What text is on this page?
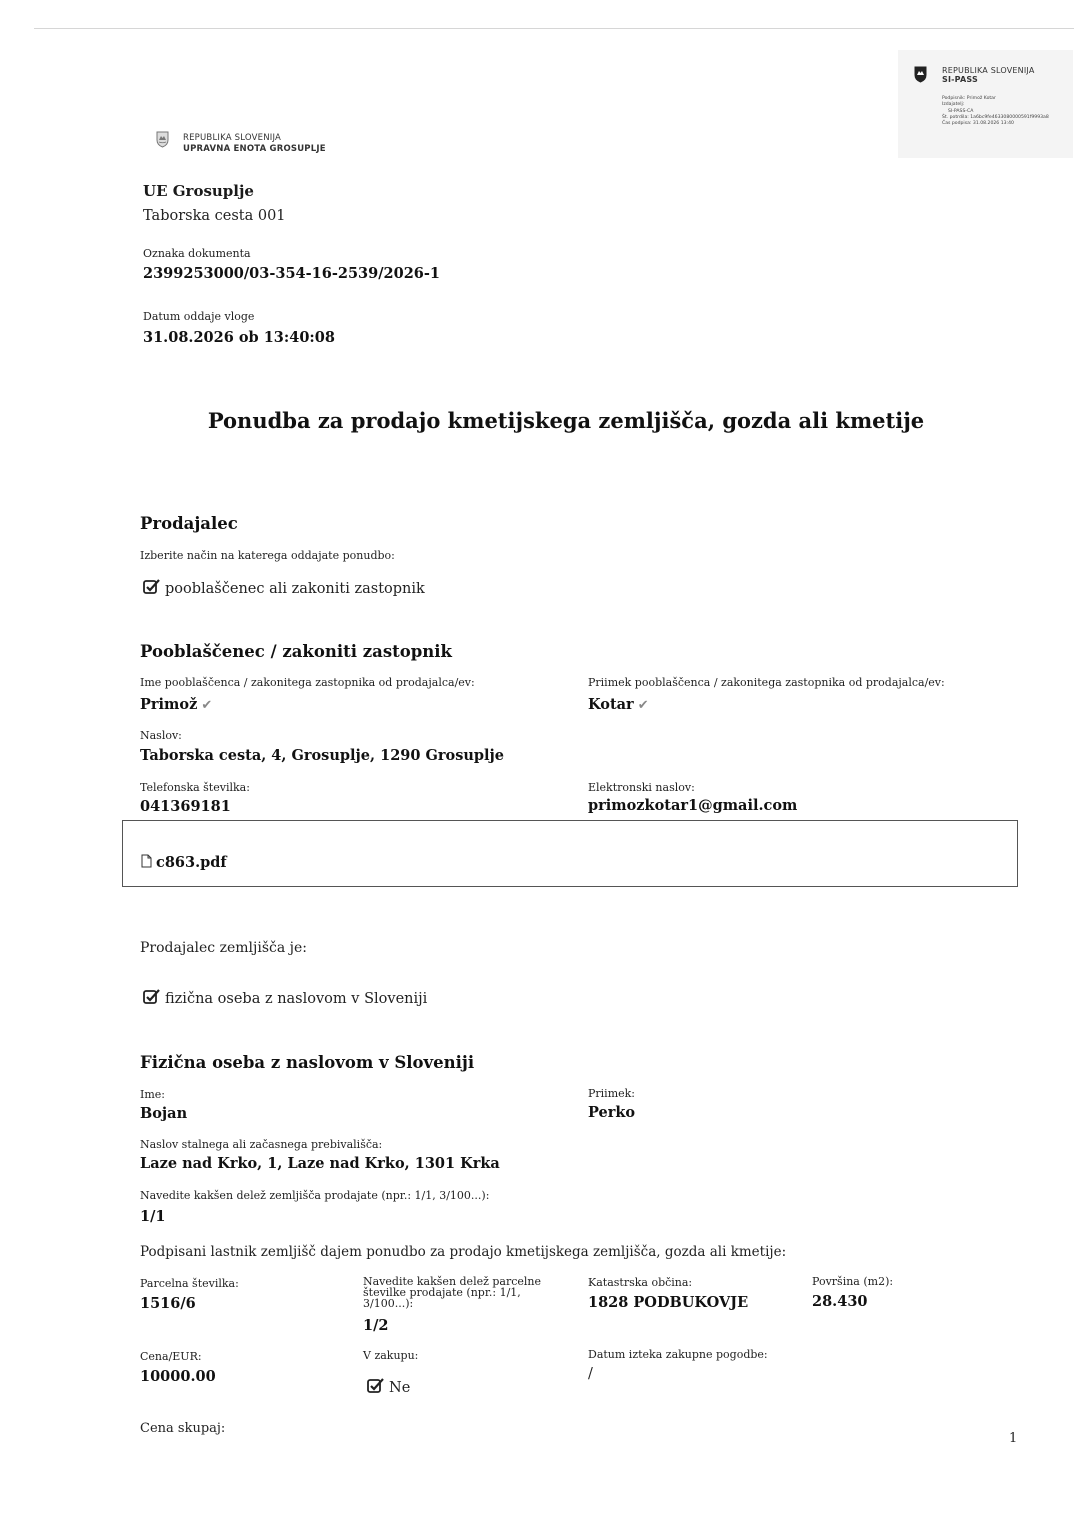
REPUBLIKA SLOVENIJA
UPRAVNA ENOTA GROSUPLJE
REPUBLIKA SLOVENIJA
SI-PASS
Podpisnik: Primož Kotar
Izdajatelj:
SI-PASS-CA
Št. potrdila: 1a6bc9fe4633080000591f9993a8
Čas podpisa: 31.08.2026 13:40
UE Grosuplje
Taborska cesta 001
Oznaka dokumenta
2399253000/03-354-16-2539/2026-1
Datum oddaje vloge
31.08.2026 ob 13:40:08
Ponudba za prodajo kmetijskega zemljišča, gozda ali kmetije
Prodajalec
Izberite način na katerega oddajate ponudbo:
pooblaščenec ali zakoniti zastopnik
Pooblaščenec / zakoniti zastopnik
Ime pooblaščenca / zakonitega zastopnika od prodajalca/ev:
Primož ✔
Priimek pooblaščenca / zakonitega zastopnika od prodajalca/ev:
Kotar ✔
Naslov:
Taborska cesta, 4, Grosuplje, 1290 Grosuplje
Telefonska številka:
041369181
Elektronski naslov:
primozkotar1@gmail.com
c863.pdf
Prodajalec zemljišča je:
fizična oseba z naslovom v Sloveniji
Fizična oseba z naslovom v Sloveniji
Ime:
Bojan
Priimek:
Perko
Naslov stalnega ali začasnega prebivališča:
Laze nad Krko, 1, Laze nad Krko, 1301 Krka
Navedite kakšen delež zemljišča prodajate (npr.: 1/1, 3/100...):
1/1
Podpisani lastnik zemljišč dajem ponudbo za prodajo kmetijskega zemljišča, gozda ali kmetije:
Parcelna številka:
1516/6
Navedite kakšen delež parcelne številke prodajate (npr.: 1/1, 3/100...):
1/2
Katastrska občina:
1828 PODBUKOVJE
Površina (m2):
28.430
Cena/EUR:
10000.00
V zakupu:
Ne
Datum izteka zakupne pogodbe:
/
Cena skupaj:
1
